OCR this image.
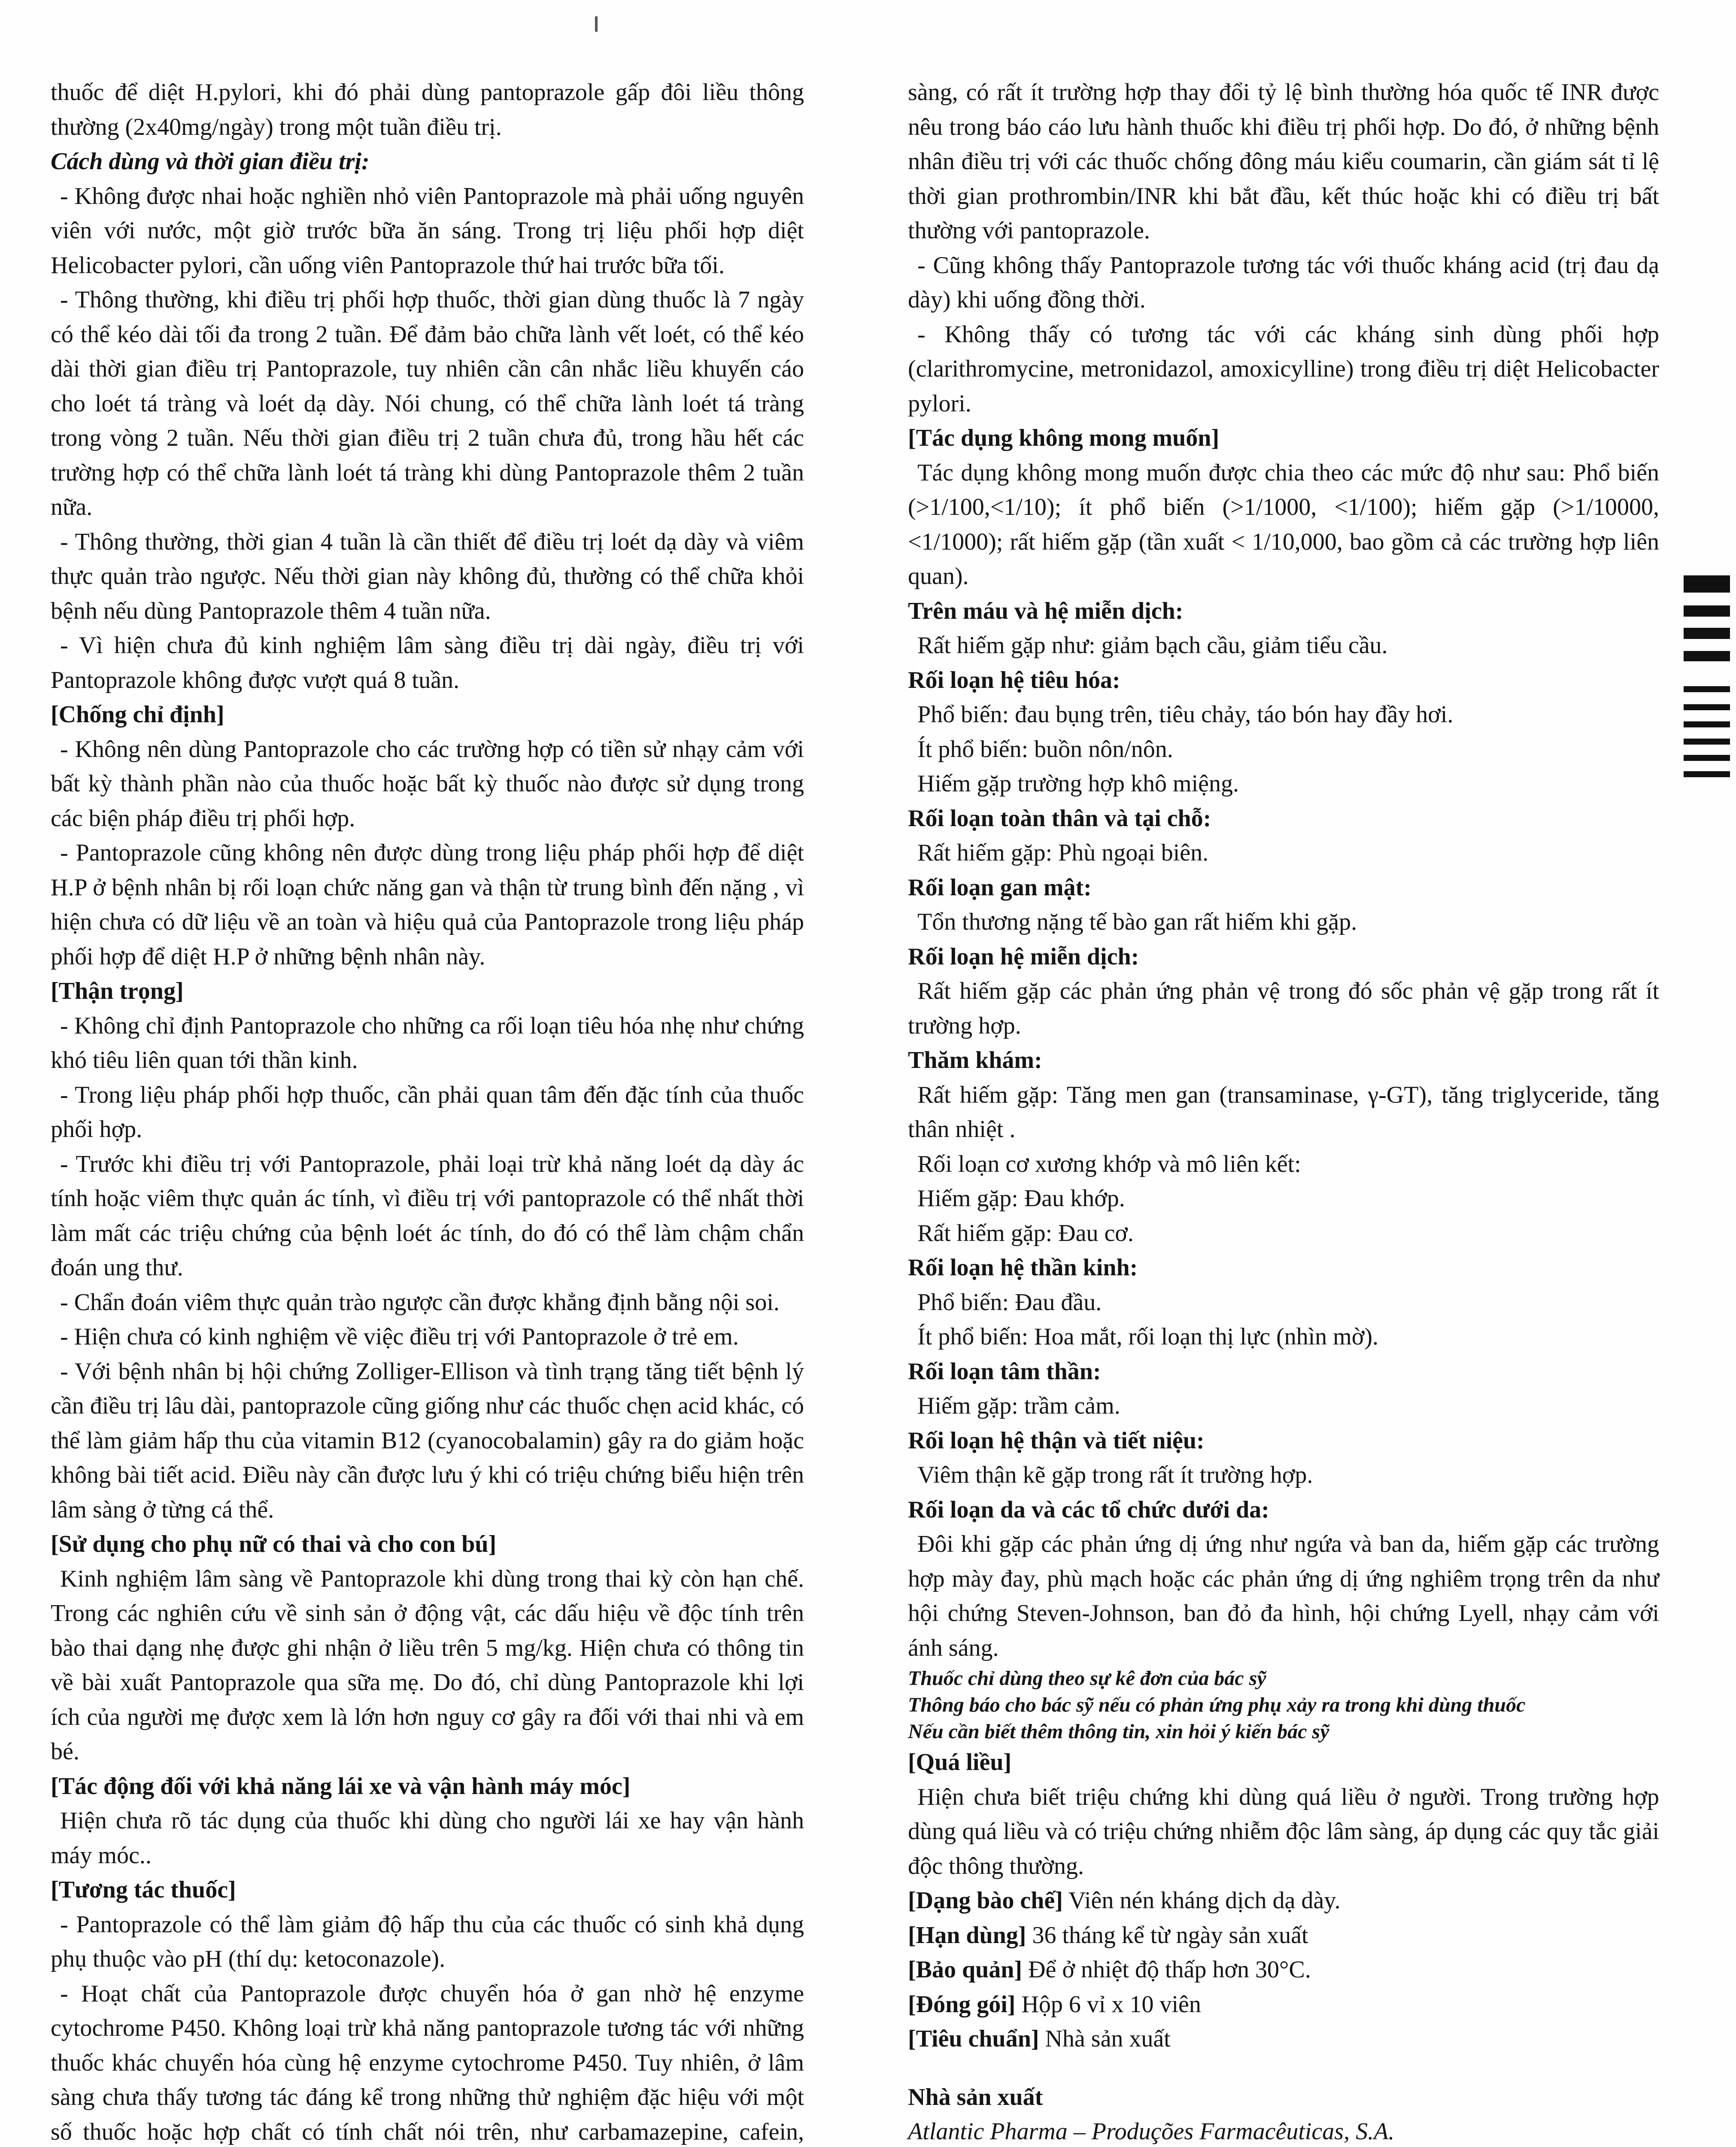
thuốc để diệt H.pylori, khi đó phải dùng pantoprazole gấp đôi liều thông thường (2x40mg/ngày) trong một tuần điều trị.

Cách dùng và thời gian điều trị:

- Không được nhai hoặc nghiền nhỏ viên Pantoprazole mà phải uống nguyên viên với nước, một giờ trước bữa ăn sáng. Trong trị liệu phối hợp diệt Helicobacter pylori, cần uống viên Pantoprazole thứ hai trước bữa tối.

- Thông thường, khi điều trị phối hợp thuốc, thời gian dùng thuốc là 7 ngày có thể kéo dài tối đa trong 2 tuần. Để đảm bảo chữa lành vết loét, có thể kéo dài thời gian điều trị Pantoprazole, tuy nhiên cần cân nhắc liều khuyến cáo cho loét tá tràng và loét dạ dày. Nói chung, có thể chữa lành loét tá tràng trong vòng 2 tuần. Nếu thời gian điều trị 2 tuần chưa đủ, trong hầu hết các trường hợp có thể chữa lành loét tá tràng khi dùng Pantoprazole thêm 2 tuần nữa.

- Thông thường, thời gian 4 tuần là cần thiết để điều trị loét dạ dày và viêm thực quản trào ngược. Nếu thời gian này không đủ, thường có thể chữa khỏi bệnh nếu dùng Pantoprazole thêm 4 tuần nữa.

- Vì hiện chưa đủ kinh nghiệm lâm sàng điều trị dài ngày, điều trị với Pantoprazole không được vượt quá 8 tuần.

[Chống chỉ định]

- Không nên dùng Pantoprazole cho các trường hợp có tiền sử nhạy cảm với bất kỳ thành phần nào của thuốc hoặc bất kỳ thuốc nào được sử dụng trong các biện pháp điều trị phối hợp.

- Pantoprazole cũng không nên được dùng trong liệu pháp phối hợp để diệt H.P ở bệnh nhân bị rối loạn chức năng gan và thận từ trung bình đến nặng , vì hiện chưa có dữ liệu về an toàn và hiệu quả của Pantoprazole trong liệu pháp phối hợp để diệt H.P ở những bệnh nhân này.

[Thận trọng]

- Không chỉ định Pantoprazole cho những ca rối loạn tiêu hóa nhẹ như chứng khó tiêu liên quan tới thần kinh.

- Trong liệu pháp phối hợp thuốc, cần phải quan tâm đến đặc tính của thuốc phối hợp.

- Trước khi điều trị với Pantoprazole, phải loại trừ khả năng loét dạ dày ác tính hoặc viêm thực quản ác tính, vì điều trị với pantoprazole có thể nhất thời làm mất các triệu chứng của bệnh loét ác tính, do đó có thể làm chậm chẩn đoán ung thư.

- Chẩn đoán viêm thực quản trào ngược cần được khẳng định bằng nội soi.

- Hiện chưa có kinh nghiệm về việc điều trị với Pantoprazole ở trẻ em.

- Với bệnh nhân bị hội chứng Zolliger-Ellison và tình trạng tăng tiết bệnh lý cần điều trị lâu dài, pantoprazole cũng giống như các thuốc chẹn acid khác, có thể làm giảm hấp thu của vitamin B12 (cyanocobalamin) gây ra do giảm hoặc không bài tiết acid. Điều này cần được lưu ý khi có triệu chứng biểu hiện trên lâm sàng ở từng cá thể.

[Sử dụng cho phụ nữ có thai và cho con bú]

Kinh nghiệm lâm sàng về Pantoprazole khi dùng trong thai kỳ còn hạn chế. Trong các nghiên cứu về sinh sản ở động vật, các dấu hiệu về độc tính trên bào thai dạng nhẹ được ghi nhận ở liều trên 5 mg/kg. Hiện chưa có thông tin về bài xuất Pantoprazole qua sữa mẹ. Do đó, chỉ dùng Pantoprazole khi lợi ích của người mẹ được xem là lớn hơn nguy cơ gây ra đối với thai nhi và em bé.

[Tác động đối với khả năng lái xe và vận hành máy móc]

Hiện chưa rõ tác dụng của thuốc khi dùng cho người lái xe hay vận hành máy móc..

[Tương tác thuốc]

- Pantoprazole có thể làm giảm độ hấp thu của các thuốc có sinh khả dụng phụ thuộc vào pH (thí dụ: ketoconazole).

- Hoạt chất của Pantoprazole được chuyển hóa ở gan nhờ hệ enzyme cytochrome P450. Không loại trừ khả năng pantoprazole tương tác với những thuốc khác chuyển hóa cùng hệ enzyme cytochrome P450. Tuy nhiên, ở lâm sàng chưa thấy tương tác đáng kể trong những thử nghiệm đặc hiệu với một số thuốc hoặc hợp chất có tính chất nói trên, như carbamazepine, cafein,

sàng, có rất ít trường hợp thay đổi tỷ lệ bình thường hóa quốc tế INR được nêu trong báo cáo lưu hành thuốc khi điều trị phối hợp. Do đó, ở những bệnh nhân điều trị với các thuốc chống đông máu kiểu coumarin, cần giám sát tỉ lệ thời gian prothrombin/INR khi bắt đầu, kết thúc hoặc khi có điều trị bất thường với pantoprazole.

- Cũng không thấy Pantoprazole tương tác với thuốc kháng acid (trị đau dạ dày) khi uống đồng thời.

- Không thấy có tương tác với các kháng sinh dùng phối hợp (clarithromycine, metronidazol, amoxicylline) trong điều trị diệt Helicobacter pylori.

[Tác dụng không mong muốn]

Tác dụng không mong muốn được chia theo các mức độ như sau: Phổ biến (>1/100,<1/10); ít phổ biến (>1/1000, <1/100); hiếm gặp (>1/10000, <1/1000); rất hiếm gặp (tần xuất < 1/10,000, bao gồm cả các trường hợp liên quan).

Trên máu và hệ miễn dịch:

Rất hiếm gặp như: giảm bạch cầu, giảm tiểu cầu.

Rối loạn hệ tiêu hóa:

Phổ biến: đau bụng trên, tiêu chảy, táo bón hay đầy hơi.

Ít phổ biến: buồn nôn/nôn.

Hiếm gặp trường hợp khô miệng.

Rối loạn toàn thân và tại chỗ:

Rất hiếm gặp: Phù ngoại biên.

Rối loạn gan mật:

Tổn thương nặng tế bào gan rất hiếm khi gặp.

Rối loạn hệ miễn dịch:

Rất hiếm gặp các phản ứng phản vệ trong đó sốc phản vệ gặp trong rất ít trường hợp.

Thăm khám:

Rất hiếm gặp: Tăng men gan (transaminase, γ-GT), tăng triglyceride, tăng thân nhiệt .

Rối loạn cơ xương khớp và mô liên kết:

Hiếm gặp: Đau khớp.

Rất hiếm gặp: Đau cơ.

Rối loạn hệ thần kinh:

Phổ biến: Đau đầu.

Ít phổ biến: Hoa mắt, rối loạn thị lực (nhìn mờ).

Rối loạn tâm thần:

Hiếm gặp: trầm cảm.

Rối loạn hệ thận và tiết niệu:

Viêm thận kẽ gặp trong rất ít trường hợp.

Rối loạn da và các tổ chức dưới da:

Đôi khi gặp các phản ứng dị ứng như ngứa và ban da, hiếm gặp các trường hợp mày đay, phù mạch hoặc các phản ứng dị ứng nghiêm trọng trên da như hội chứng Steven-Johnson, ban đỏ đa hình, hội chứng Lyell, nhạy cảm với ánh sáng.

Thuốc chỉ dùng theo sự kê đơn của bác sỹ

Thông báo cho bác sỹ nếu có phản ứng phụ xảy ra trong khi dùng thuốc

Nếu cần biết thêm thông tin, xin hỏi ý kiến bác sỹ

[Quá liều]

Hiện chưa biết triệu chứng khi dùng quá liều ở người. Trong trường hợp dùng quá liều và có triệu chứng nhiễm độc lâm sàng, áp dụng các quy tắc giải độc thông thường.

[Dạng bào chế] Viên nén kháng dịch dạ dày.

[Hạn dùng] 36 tháng kể từ ngày sản xuất

[Bảo quản] Để ở nhiệt độ thấp hơn 30°C.

[Đóng gói] Hộp 6 vỉ x 10 viên

[Tiêu chuẩn] Nhà sản xuất

Nhà sản xuất

Atlantic Pharma – Produções Farmacêuticas, S.A.
